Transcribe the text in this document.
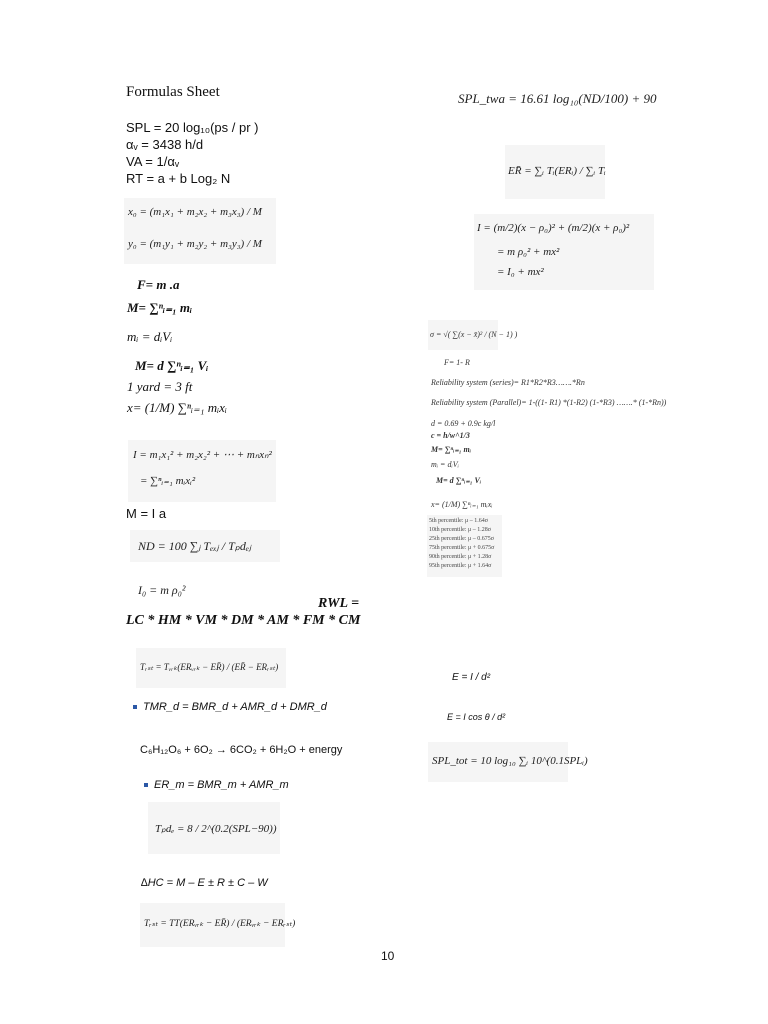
Formulas Sheet
SPL = 20 log₁₀(ps / pr )
αᵥ = 3438 h/d
VA = 1/αᵥ
RT = a + b Log₂ N
x₀ = (m₁x₁ + m₂x₂ + m₃x₃) / M
y₀ = (m₁y₁ + m₂y₂ + m₃y₃) / M
F= m .a
M= ∑ⁿᵢ₌₁ mᵢ
mᵢ = dᵢVᵢ
M= d ∑ⁿᵢ₌₁ Vᵢ
1 yard = 3 ft
x= (1/M) ∑ⁿᵢ₌₁ mᵢxᵢ
I = m₁x₁² + m₂x₂² + ⋯ + mₙxₙ²
= ∑ⁿᵢ₌₁ mᵢxᵢ²
M = I a
ND = 100 ∑ⱼ Tₑₓⱼ / Tₚdₑⱼ
I₀ = m ρ₀²
RWL =
LC * HM * VM * DM * AM * FM * CM
Tᵣₛₜ = Tᵥᵣₖ(ERᵥᵣₖ − ER̄) / (ER̄ − ERᵣₛₜ)
TMR_d = BMR_d + AMR_d + DMR_d
C₆H₁₂O₆ + 6O₂ → 6CO₂ + 6H₂O + energy
ER_m = BMR_m + AMR_m
Tₚdₑ = 8 / 2^(0.2(SPL−90))
∆HC = M – E ± R ± C – W
Tᵣₛₜ = TT(ERᵥᵣₖ − ER̄) / (ERᵥᵣₖ − ERᵣₛₜ)
SPL_twa = 16.61 log₁₀(ND/100) + 90
ER̄ = ∑ᵢ Tᵢ(ERᵢ) / ∑ᵢ Tᵢ
I = (m/2)(x − ρ₀)² + (m/2)(x + ρ₀)²
= m ρ₀² + mx²
= I₀ + mx²
σ = √( ∑(x − x̄)² / (N − 1) )
F= 1- R
Reliability system (series)= R1*R2*R3…….*Rn
Reliability system (Parallel)= 1-((1- R1) *(1-R2) (1-*R3) …….* (1-*Rn))
d = 0.69 + 0.9c kg/l
c = h/w^1/3
M= ∑ⁿᵢ₌₁ mᵢ
mᵢ = dᵢVᵢ
M= d ∑ⁿᵢ₌₁ Vᵢ
x= (1/M) ∑ⁿᵢ₌₁ mᵢxᵢ
5th percentile: μ – 1.64σ
10th percentile: μ – 1.28σ
25th percentile: μ – 0.675σ
75th percentile: μ + 0.675σ
90th percentile: μ + 1.28σ
95th percentile: μ + 1.64σ
E = I / d²
E = I cos θ / d²
SPL_tot = 10 log₁₀ ∑ᵢ 10^(0.1SPLᵢ)
10
